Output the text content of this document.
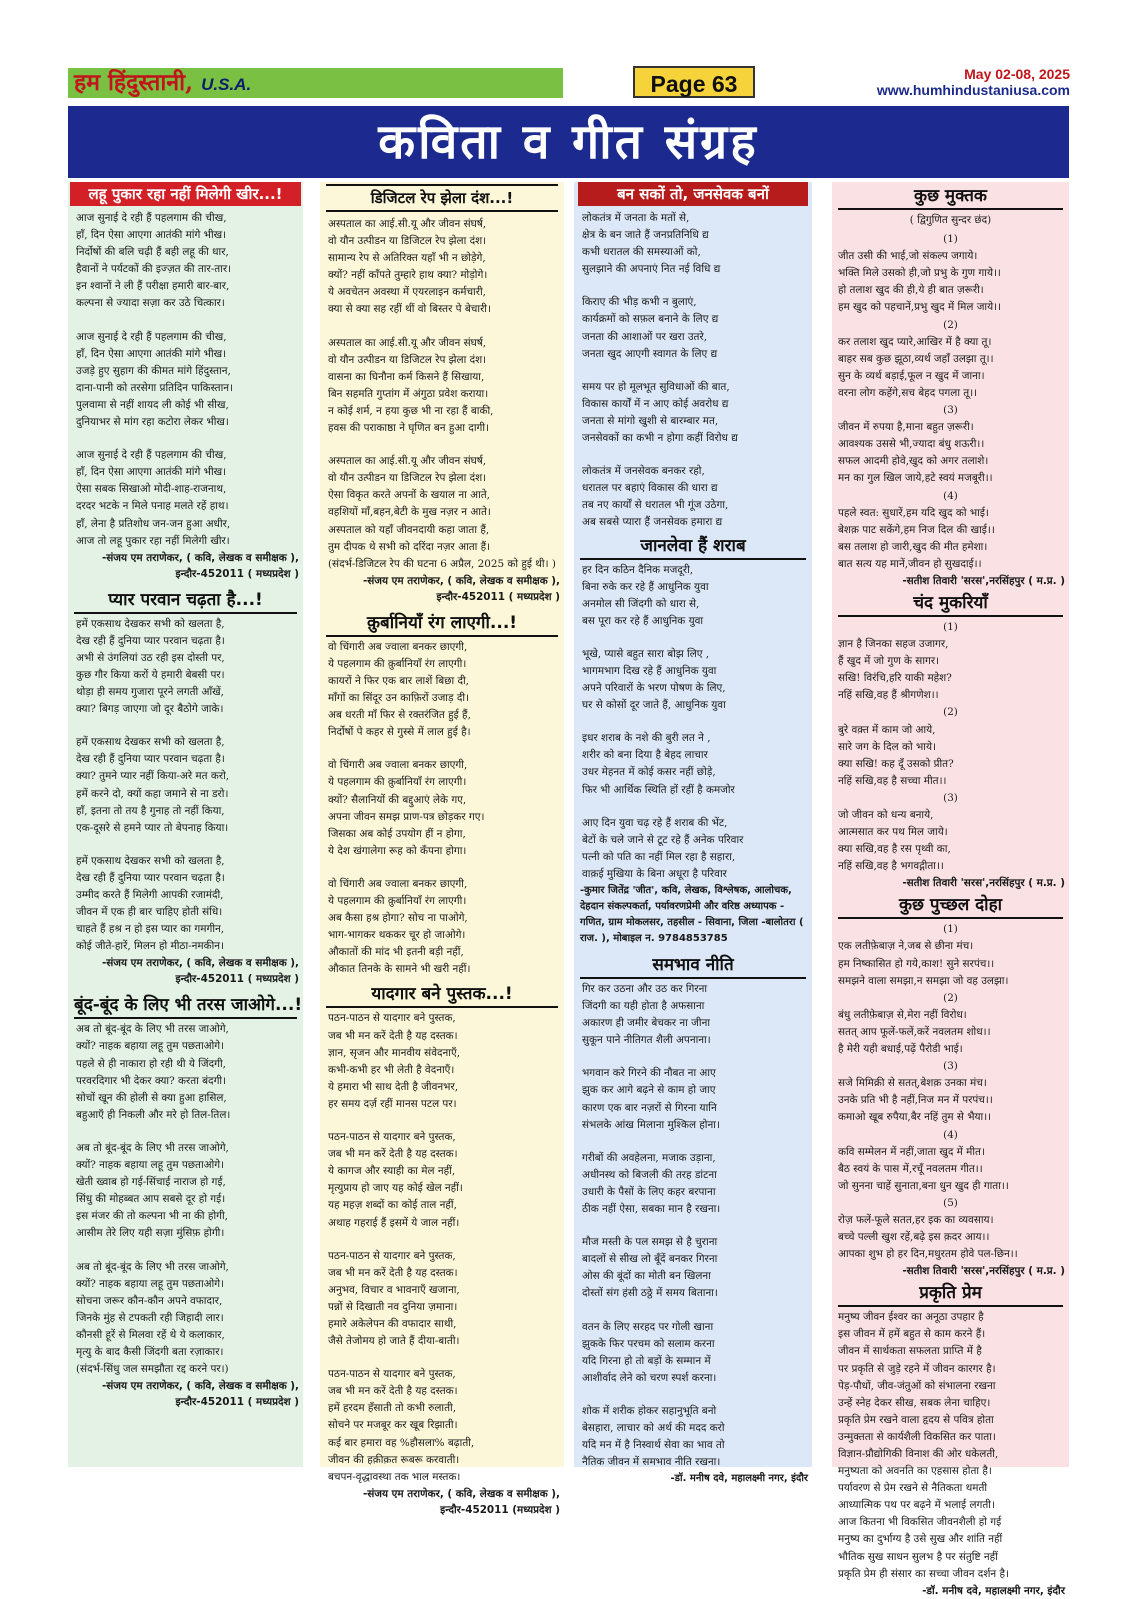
हम हिंदुस्तानी, U.S.A.	Page 63	May 02-08, 2025
www.humhindustaniusa.com
कविता व गीत संग्रह
लहू पुकार रहा नहीं मिलेगी खीर...!
आज सुनाई दे रही हैं पहलगाम की चीख,
हाँ, दिन ऐसा आएगा आतंकी मांगे भीख।
निर्दोषों की बलि चढ़ी हैं बही लहू की धार,
हैवानों ने पर्यटकों की इज्ज़त की तार-तार।
इन श्वानों ने ली हैं परीक्षा हमारी बार-बार,
कल्पना से ज्यादा सज़ा कर उठे चित्कार।
आज सुनाई दे रही हैं पहलगाम की चीख,
हाँ, दिन ऐसा आएगा आतंकी मांगे भीख।
उजड़े हुए सुहाग की कीमत मांगे हिंदुस्तान,
दाना-पानी को तरसेगा प्रतिदिन पाकिस्तान।
पुलवामा से नहीं शायद ली कोई भी सीख,
दुनियाभर से मांग रहा कटोरा लेकर भीख।
आज सुनाई दे रही हैं पहलगाम की चीख,
हाँ, दिन ऐसा आएगा आतंकी मांगे भीख।
ऐसा सबक सिखाओ मोदी-शाह-राजनाथ,
दरदर भटके न मिले पनाह मलते रहें हाथ।
हाँ, लेना है प्रतिशोध जन-जन हुआ अधीर,
आज तो लहू पुकार रहा नहीं मिलेगी खीर।
-संजय एम तराणेकर, ( कवि, लेखक व समीक्षक ), इन्दौर-452011 ( मध्यप्रदेश )
प्यार परवान चढ़ता है...!
हमें एकसाथ देखकर सभी को खलता है,
देख रही हैं दुनिया प्यार परवान चढ़ता है।
अभी से उंगलियां उठ रही इस दोस्ती पर,
कुछ गौर किया करों ये हमारी बेबसी पर।
थोड़ा ही समय गुजारा पूरने लगती आँखें,
क्या? बिगड़ जाएगा जो दूर बैठोगे जाके।
हमें एकसाथ देखकर सभी को खलता है,
देख रही हैं दुनिया प्यार परवान चढ़ता है।
क्या? तुमने प्यार नहीं किया-अरे मत करो,
हमें करने दो, क्यों कहा जमाने से ना डरो।
हाँ, इतना तो तय है गुनाह तो नहीं किया,
एक-दूसरे से हमने प्यार तो बेपनाह किया।
हमें एकसाथ देखकर सभी को खलता है,
देख रही हैं दुनिया प्यार परवान चढ़ता है।
उम्मीद करते हैं मिलेगी आपकी रजामंदी,
जीवन में एक ही बार चाहिए होती संधि।
चाहते हैं हश्र न हो इस प्यार का गमगीन,
कोई जीते-हारें, मिलन हो मीठा-नमकीन।
-संजय एम तराणेकर, ( कवि, लेखक व समीक्षक ), इन्दौर-452011 ( मध्यप्रदेश )
बूंद-बूंद के लिए भी तरस जाओगे...!
अब तो बूंद-बूंद के लिए भी तरस जाओगे,
क्यों? नाहक बहाया लहू तुम पछताओगे।
पहले से ही नाकारा हो रही थी ये जिंदगी,
परवरदिगार भी देकर क्या? करता बंदगी।
सोचों खून की होली से क्या हुआ हासिल,
बहुआएँ ही निकली और मरे हो तिल-तिल।
अब तो बूंद-बूंद के लिए भी तरस जाओगे,
क्यों? नाहक बहाया लहू तुम पछताओगे।
खेती ख्वाब हो गई-सिंचाई नाराज हो गई,
सिंधु की मोहब्बत आप सबसे दूर हो गई।
इस मंजर की तो कल्पना भी ना की होगी,
आसीम तेरे लिए यही सज़ा मुंसिफ़ होगी।
अब तो बूंद-बूंद के लिए भी तरस जाओगे,
क्यों? नाहक बहाया लहू तुम पछताओगे।
सोचना जरूर कौन-कौन अपने वफादार,
जिनके मुंह से टपकती रही जिहादी लार।
कौनसी हूरें से मिलवा रहें थे ये कलाकार,
मृत्यु के बाद कैसी जिंदगी बता रज़ाकार।
(संदर्भ-सिंधु जल समझौता रद्द करने पर।)
-संजय एम तराणेकर, ( कवि, लेखक व समीक्षक ), इन्दौर-452011 ( मध्यप्रदेश )
डिजिटल रेप झेला दंश...!
अस्पताल का आई.सी.यू और जीवन संघर्ष,
वो यौन उत्पीडन या डिजिटल रेप झेला दंश।
सामान्य रेप से अतिरिक्त यहाँ भी न छोड़ेगे,
क्यों? नहीं काँपते तुम्हारे हाथ क्या? मोड़ोगे।
ये अवचेतन अवस्था में एयरलाइन कर्मचारी,
क्या से क्या सह रहीं थीं वो बिस्तर पे बेचारी।
अस्पताल का आई.सी.यू और जीवन संघर्ष,
वो यौन उत्पीडन या डिजिटल रेप झेला दंश।
वासना का घिनौना कर्म किसने हैं सिखाया,
बिन सहमति गुप्तांग में अंगुठा प्रवेश कराया।
न कोई शर्म, न हया कुछ भी ना रहा हैं बाकी,
हवस की पराकाष्ठा ने घृणित बन हुआ दागी।
अस्पताल का आई.सी.यू और जीवन संघर्ष,
वो यौन उत्पीडन या डिजिटल रेप झेला दंश।
ऐसा विकृत करते अपनों के खयाल ना आते,
वहशियों माँ,बहन,बेटी के मुख नज़र न आते।
अस्पताल को यहाँ जीवनदायी कहा जाता हैं,
तुम दीपक थे सभी को दरिंदा नज़र आता हैं।
(संदर्भ-डिजिटल रेप की घटना 6 अप्रैल, 2025 को हुई थी। )
-संजय एम तराणेकर, ( कवि, लेखक व समीक्षक ), इन्दौर-452011 ( मध्यप्रदेश )
क़ुर्बानियाँ रंग लाएगी...!
वो चिंगारी अब ज्वाला बनकर छाएगी,
ये पहलगाम की क़ुर्बानियाँ रंग लाएगी।
कायरों ने फिर एक बार लाशें बिछा दी,
माँगों का सिंदूर उन काफ़िरों उजाड़ दी।
अब धरती माँ फिर से रक्तरंजित हुई हैं,
निर्दोषों पे कहर से गुस्से में लाल हुई है।
वो चिंगारी अब ज्वाला बनकर छाएगी,
ये पहलगाम की क़ुर्बानियाँ रंग लाएगी।
क्यों? सैलानियों की बद्दुआएं लेके गए,
अपना जीवन समझ प्राण-पत्र छोड़कर गए।
जिसका अब कोई उपयोग हीं न होगा,
ये देश खंगालेगा रूह को कँपना होगा।
वो चिंगारी अब ज्वाला बनकर छाएगी,
ये पहलगाम की क़ुर्बानियाँ रंग लाएगी।
अब कैसा हश्र होगा? सोच ना पाओगे,
भाग-भागकर थककर चूर हो जाओगे।
औकातों की मांद भी इतनी बड़ी नहीं,
औकात तिनके के सामने भी खरी नहीं।
यादगार बने पुस्तक...!
पठन-पाठन से यादगार बने पुस्तक,
जब भी मन करें देती है यह दस्तक।
ज्ञान, सृजन और मानवीय संवेदनाएँ,
कभी-कभी हर भी लेती है वेदनाएँ।
ये हमारा भी साथ देती है जीवनभर,
हर समय दर्ज़ रहीं मानस पटल पर।
पठन-पाठन से यादगार बने पुस्तक,
जब भी मन करें देती है यह दस्तक।
ये कागज और स्याही का मेल नहीं,
मृत्युप्राय हो जाए यह कोई खेल नहीं।
यह महज़ शब्दों का कोई ताल नहीं,
अथाह गहराई हैं इसमें ये जाल नहीं।
पठन-पाठन से यादगार बने पुस्तक,
जब भी मन करें देती है यह दस्तक।
अनुभव, विचार व भावनाएँ खजाना,
पन्नों से दिखाती नव दुनिया ज़माना।
हमारे अकेलेपन की वफादार साथी,
जैसे तेजोमय हो जाते हैं दीया-बाती।
पठन-पाठन से यादगार बने पुस्तक,
जब भी मन करें देती है यह दस्तक।
हमें हरदम हँसाती तो कभी रुलाती,
सोचने पर मजबूर कर खूब रिझाती।
कई बार हमारा वह %हौसला% बढ़ाती,
जीवन की हक़ीक़त रूबरू करवाती।
बचपन-वृद्धावस्था तक भाल मस्तक।
-संजय एम तराणेकर, ( कवि, लेखक व समीक्षक ), इन्दौर-452011 (मध्यप्रदेश )
बन सकों तो, जनसेवक बनों
लोकतंत्र में जनता के मतों से,
क्षेत्र के बन जाते हैं जनप्रतिनिधि द्य
कभी धरातल की समस्याओं को,
सुलझाने की अपनाएं नित नई विधि द्य
किराए की भीड़ कभी न बुलाएं,
कार्यक्रमों को सफ़ल बनाने के लिए द्य
जनता की आशाओं पर खरा उतरे,
जनता खुद आएगी स्वागत के लिए द्य
समय पर हो मूलभूत सुविधाओं की बात,
विकास कार्यों में न आए कोई अवरोध द्य
जनता से मांगो खुशी से बारम्बार मत,
जनसेवकों का कभी न होगा कहीं विरोध द्य
लोकतंत्र में जनसेवक बनकर रहो,
धरातल पर बहाएं विकास की धारा द्य
तब नए कार्यों से धरातल भी गूंज उठेगा,
अब सबसे प्यारा हैं जनसेवक हमारा द्य
जानलेवा हैं शराब
हर दिन कठिन दैनिक मजदूरी,
बिना रुके कर रहे हैं आधुनिक युवा
अनमोल सी जिंदगी को धारा से,
बस पूरा कर रहे हैं आधुनिक युवा
भूखे, प्यासे बहुत सारा बोझ लिए ,
भागमभाग दिख रहे हैं आधुनिक युवा
अपने परिवारों के भरण पोषण के लिए,
घर से कोसों दूर जाते हैं, आधुनिक युवा
इधर शराब के नशे की बुरी लत ने ,
शरीर को बना दिया है बेहद लाचार
उधर मेहनत में कोई कसर नहीं छोड़े,
फिर भी आर्थिक स्थिति हों रहीं है कमजोर
आए दिन युवा चढ़ रहे हैं शराब की भेंट,
बेटों के चले जाने से टूट रहे हैं अनेक परिवार
पत्नी को पति का नहीं मिल रहा है सहारा,
वाक़ई मुखिया के बिना अधूरा है परिवार
-कुमार जितेंद्र 'जीत', कवि, लेखक, विश्लेषक, आलोचक, देहदान संकल्पकर्ता, पर्यावरणप्रेमी और वरिष्ठ अध्यापक - गणित, ग्राम मोकलसर, तहसील - सिवाना, जिला -बालोतरा ( राज. ), मोबाइल न. 9784853785
समभाव नीति
गिर कर उठना और उठ कर गिरना
जिंदगी का यही होता है अफसाना
अकारण ही जमीर बेचकर ना जीना
सुकून पाने नीतिगत शैली अपनाना।
भगवान करे गिरने की नौबत ना आए
झुक कर आगे बढ़ने से काम हो जाए
कारण एक बार नज़रों से गिरना यानि
संभलके आंख मिलाना मुश्किल होना।
गरीबों की अवहेलना, मजाक उड़ाना,
अधीनस्थ को बिजली की तरह डांटना
उधारी के पैसों के लिए कहर बरपाना
ठीक नहीं ऐसा, सबका मान है रखना।
मौज मस्ती के पल समझ से है चुराना
बादलों से सीख लो बूँदें बनकर गिरना
ओस की बूंदों का मोती बन खिलना
दोस्तों संग हंसी ठठ्ठे में समय बिताना।
वतन के लिए सरहद पर गोली खाना
झुकके फिर परचम को सलाम करना
यदि गिरना हो तो बड़ों के सम्मान में
आशीर्वाद लेने को चरण स्पर्श करना।
शोक में शरीक होकर सहानुभूति बनो
बेसहारा, लाचार को अर्थ की मदद करो
यदि मन में है निस्वार्थ सेवा का भाव तो
नैतिक जीवन में समभाव नीति रखना।
-डॉ. मनीष दवे, महालक्ष्मी नगर, इंदौर
कुछ मुक्तक
( द्विगुणित सुन्दर छंद)
(1)
जीत उसी की भाई,जो संकल्प जगाये।
भक्ति मिले उसको ही,जो प्रभु के गुण गाये।।
हो तलाश खुद की ही,ये ही बात ज़रूरी।
हम खुद को पहचानें,प्रभु खुद में मिल जाये।।
(2)
कर तलाश खुद प्यारे,आखिर में है क्या तू।
बाहर सब कुछ झूठा,व्यर्थ जहाँ उलझा तू।।
सुन के व्यर्थ बड़ाई,फूल न खुद में जाना।
वरना लोग कहेंगे,सच बेहद पगला तू।।
(3)
जीवन में रुपया है,माना बहुत ज़रूरी।
आवश्यक उससे भी,ज्यादा बंधु शऊरी।।
सफल आदमी होवे,खुद को अगर तलाशे।
मन का गुल खिल जाये,हटे स्वयं मजबूरी।।
(4)
पहले स्वत: सुधारें,हम यदि खुद को भाई।
बेशक़ पाट सकेंगे,हम निज दिल की खाई।।
बस तलाश हो जारी,खुद की मीत हमेशा।
बात सत्य यह मानें,जीवन हो सुखदाई।।
-सतीश तिवारी 'सरस',नरसिंहपुर ( म.प्र. )
चंद मुकरियाँ
(1)
ज्ञान है जिनका सहज उजागर,
हैं खुद में जो गुण के सागर।
सखि! विरंचि,हरि याकी महेश?
नहिं सखि,वह हैं श्रीगणेश।।
(2)
बुरे वक़्त में काम जो आये,
सारे जग के दिल को भाये।
क्या सखि! कह दूँ उसको प्रीत?
नहिं सखि,वह है सच्चा मीत।।
(3)
जो जीवन को धन्य बनाये,
आत्मसात कर पथ मिल जाये।
क्या सखि,वह है रस पृथ्वी का,
नहिं सखि,वह है भगवद्गीता।।
-सतीश तिवारी 'सरस',नरसिंहपुर ( म.प्र. )
कुछ पुच्छल दोहा
(1)
एक लतीफ़ेबाज़ ने,जब से छीना मंच।
हम निष्कासित हो गये,काश! सुने सरपंच।।
समझने वाला समझा,न समझा जो वह उलझा।
(2)
बंधु लतीफ़ेबाज़ से,मेरा नहीं विरोध।
सतत् आप फूलें-फलें,करें नवलतम शोध।।
है मेरी यही बधाई,पढ़ें पैरोडी भाई।
(3)
सजे मिमिक्री से सतत्,बेशक़ उनका मंच।
उनके प्रति भी है नहीं,निज मन में परपंच।।
कमाओ खूब रुपैया,बैर नहिं तुम से भैया।।
(4)
कवि सम्मेलन में नहीं,जाता खुद में मीत।
बैठ स्वयं के पास में,रचूँ नवलतम गीत।।
जो सुनना चाहें सुनाता,बना धुन खुद ही गाता।।
(5)
रोज़ फलें-फूले सतत,हर इक का व्यवसाय।
बच्चे पल्ली खुश रहें,बढ़े इस क़दर आय।।
आपका शुभ हो हर दिन,मधुरतम होवे पल-छिन।।
-सतीश तिवारी 'सरस',नरसिंहपुर ( म.प्र. )
प्रकृति प्रेम
मनुष्य जीवन ईश्वर का अनूठा उपहार है
इस जीवन में हमें बहुत से काम करने हैं।
जीवन में सार्थकता सफलता प्राप्ति में है
पर प्रकृति से जुड़े रहने में जीवन कारगर है।
पेड़-पौधों, जीव-जंतुओं को संभालना रखना
उन्हें स्नेह देकर सीख, सबक लेना चाहिए।
प्रकृति प्रेम रखने वाला हृदय से पवित्र होता
उन्मुक्तता से कार्यशैली विकसित कर पाता।
विज्ञान-प्रौद्योगिकी विनाश की ओर धकेलती,
मनुष्यता को अवनति का एहसास होता है।
पर्यावरण से प्रेम रखने से नैतिकता थमती
आध्यात्मिक पथ पर बढ़ने में भलाई लगती।
आज कितना भी विकसित जीवनशैली हो गई
मनुष्य का दुर्भाग्य है उसे सुख और शांति नहीं
भौतिक सुख साधन सुलभ है पर संतुष्टि नहीं
प्रकृति प्रेम ही संसार का सच्चा जीवन दर्शन है।
-डॉ. मनीष दवे, महालक्ष्मी नगर, इंदौर
